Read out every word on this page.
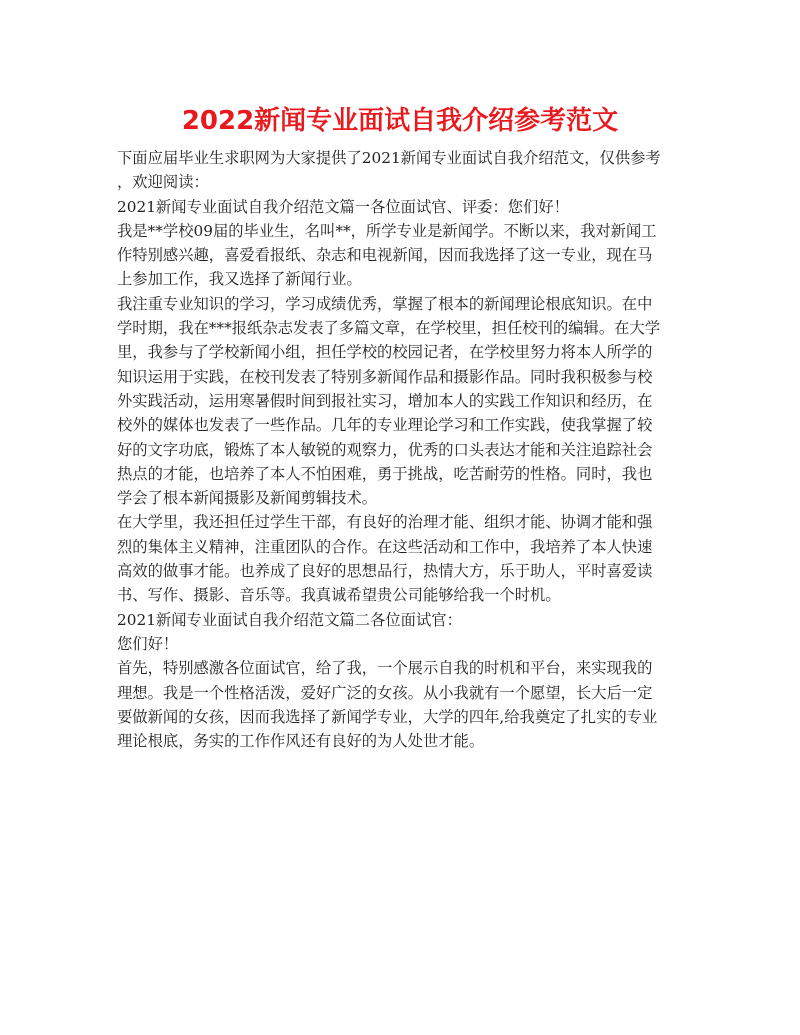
2022新闻专业面试自我介绍参考范文

下面应届毕业生求职网为大家提供了2021新闻专业面试自我介绍范文，仅供参考
，欢迎阅读：

2021新闻专业面试自我介绍范文篇一各位面试官、评委：您们好！

我是**学校09届的毕业生，名叫**，所学专业是新闻学。不断以来，我对新闻工
作特别感兴趣，喜爱看报纸、杂志和电视新闻，因而我选择了这一专业，现在马
上参加工作，我又选择了新闻行业。

我注重专业知识的学习，学习成绩优秀，掌握了根本的新闻理论根底知识。在中
学时期，我在***报纸杂志发表了多篇文章，在学校里，担任校刊的编辑。在大学
里，我参与了学校新闻小组，担任学校的校园记者，在学校里努力将本人所学的
知识运用于实践，在校刊发表了特别多新闻作品和摄影作品。同时我积极参与校
外实践活动，运用寒暑假时间到报社实习，增加本人的实践工作知识和经历，在
校外的媒体也发表了一些作品。几年的专业理论学习和工作实践，使我掌握了较
好的文字功底，锻炼了本人敏锐的观察力，优秀的口头表达才能和关注追踪社会
热点的才能，也培养了本人不怕困难，勇于挑战，吃苦耐劳的性格。同时，我也
学会了根本新闻摄影及新闻剪辑技术。

在大学里，我还担任过学生干部，有良好的治理才能、组织才能、协调才能和强
烈的集体主义精神，注重团队的合作。在这些活动和工作中，我培养了本人快速
高效的做事才能。也养成了良好的思想品行，热情大方，乐于助人，平时喜爱读
书、写作、摄影、音乐等。我真诚希望贵公司能够给我一个时机。

2021新闻专业面试自我介绍范文篇二各位面试官：

您们好！

首先，特别感激各位面试官，给了我，一个展示自我的时机和平台，来实现我的
理想。我是一个性格活泼，爱好广泛的女孩。从小我就有一个愿望，长大后一定
要做新闻的女孩，因而我选择了新闻学专业，大学的四年,给我奠定了扎实的专业
理论根底，务实的工作作风还有良好的为人处世才能。
